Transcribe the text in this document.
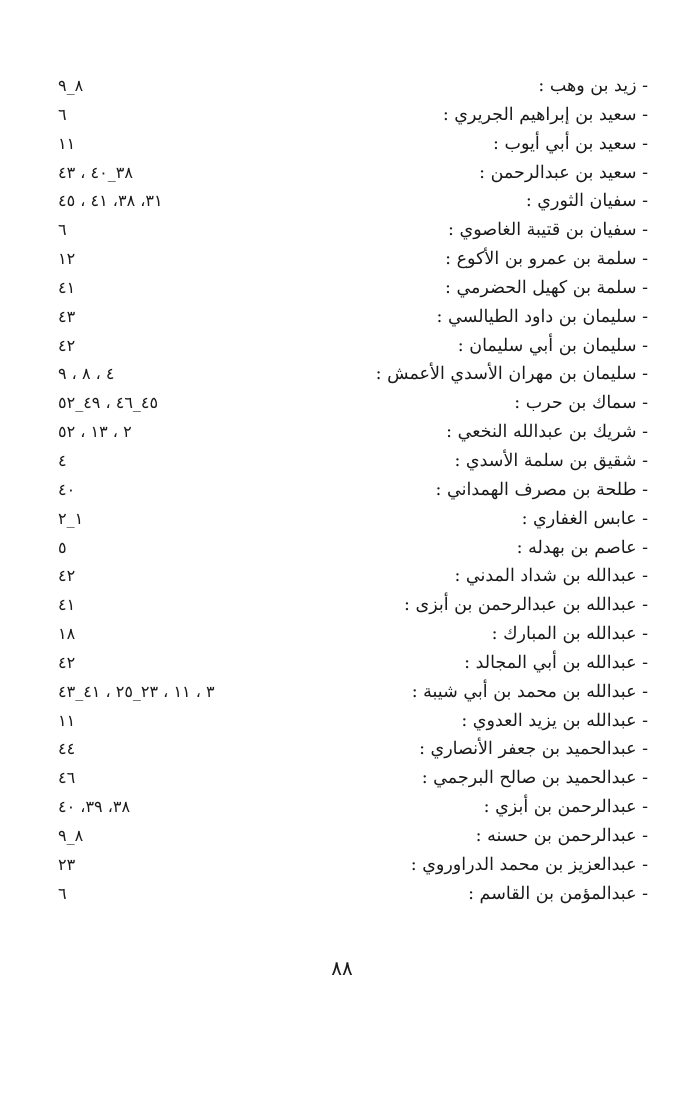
- زيد بن وهب :
٨_٩
- سعيد بن إبراهيم الجريري :
٦
- سعيد بن أبي أيوب :
١١
- سعيد بن عبدالرحمن :
٣٨_٤٠ ، ٤٣
- سفيان الثوري :
٣١، ٣٨، ٤١ ، ٤٥
- سفيان بن قتيبة الغاصوي :
٦
- سلمة بن عمرو بن الأكوع :
١٢
- سلمة بن كهيل الحضرمي :
٤١
- سليمان بن داود الطيالسي :
٤٣
- سليمان بن أبي سليمان :
٤٢
- سليمان بن مهران الأسدي الأعمش :
٤ ، ٨ ، ٩
- سماك بن حرب :
٤٥_٤٦ ، ٤٩_٥٢
- شريك بن عبدالله النخعي :
٢ ، ١٣ ، ٥٢
- شقيق بن سلمة الأسدي :
٤
- طلحة بن مصرف الهمداني :
٤٠
- عابس الغفاري :
١_٢
- عاصم بن بهدله :
٥
- عبدالله بن شداد المدني :
٤٢
- عبدالله بن عبدالرحمن بن أبزى :
٤١
- عبدالله بن المبارك :
١٨
- عبدالله بن أبي المجالد :
٤٢
- عبدالله بن محمد بن أبي شيبة :
٣ ، ١١ ، ٢٣_٢٥ ، ٤١_٤٣
- عبدالله بن يزيد العدوي :
١١
- عبدالحميد بن جعفر الأنصاري :
٤٤
- عبدالحميد بن صالح البرجمي :
٤٦
- عبدالرحمن بن أبزي :
٣٨، ٣٩، ٤٠
- عبدالرحمن بن حسنه :
٨_٩
- عبدالعزيز بن محمد الدراوروي :
٢٣
- عبدالمؤمن بن القاسم :
٦
٨٨
